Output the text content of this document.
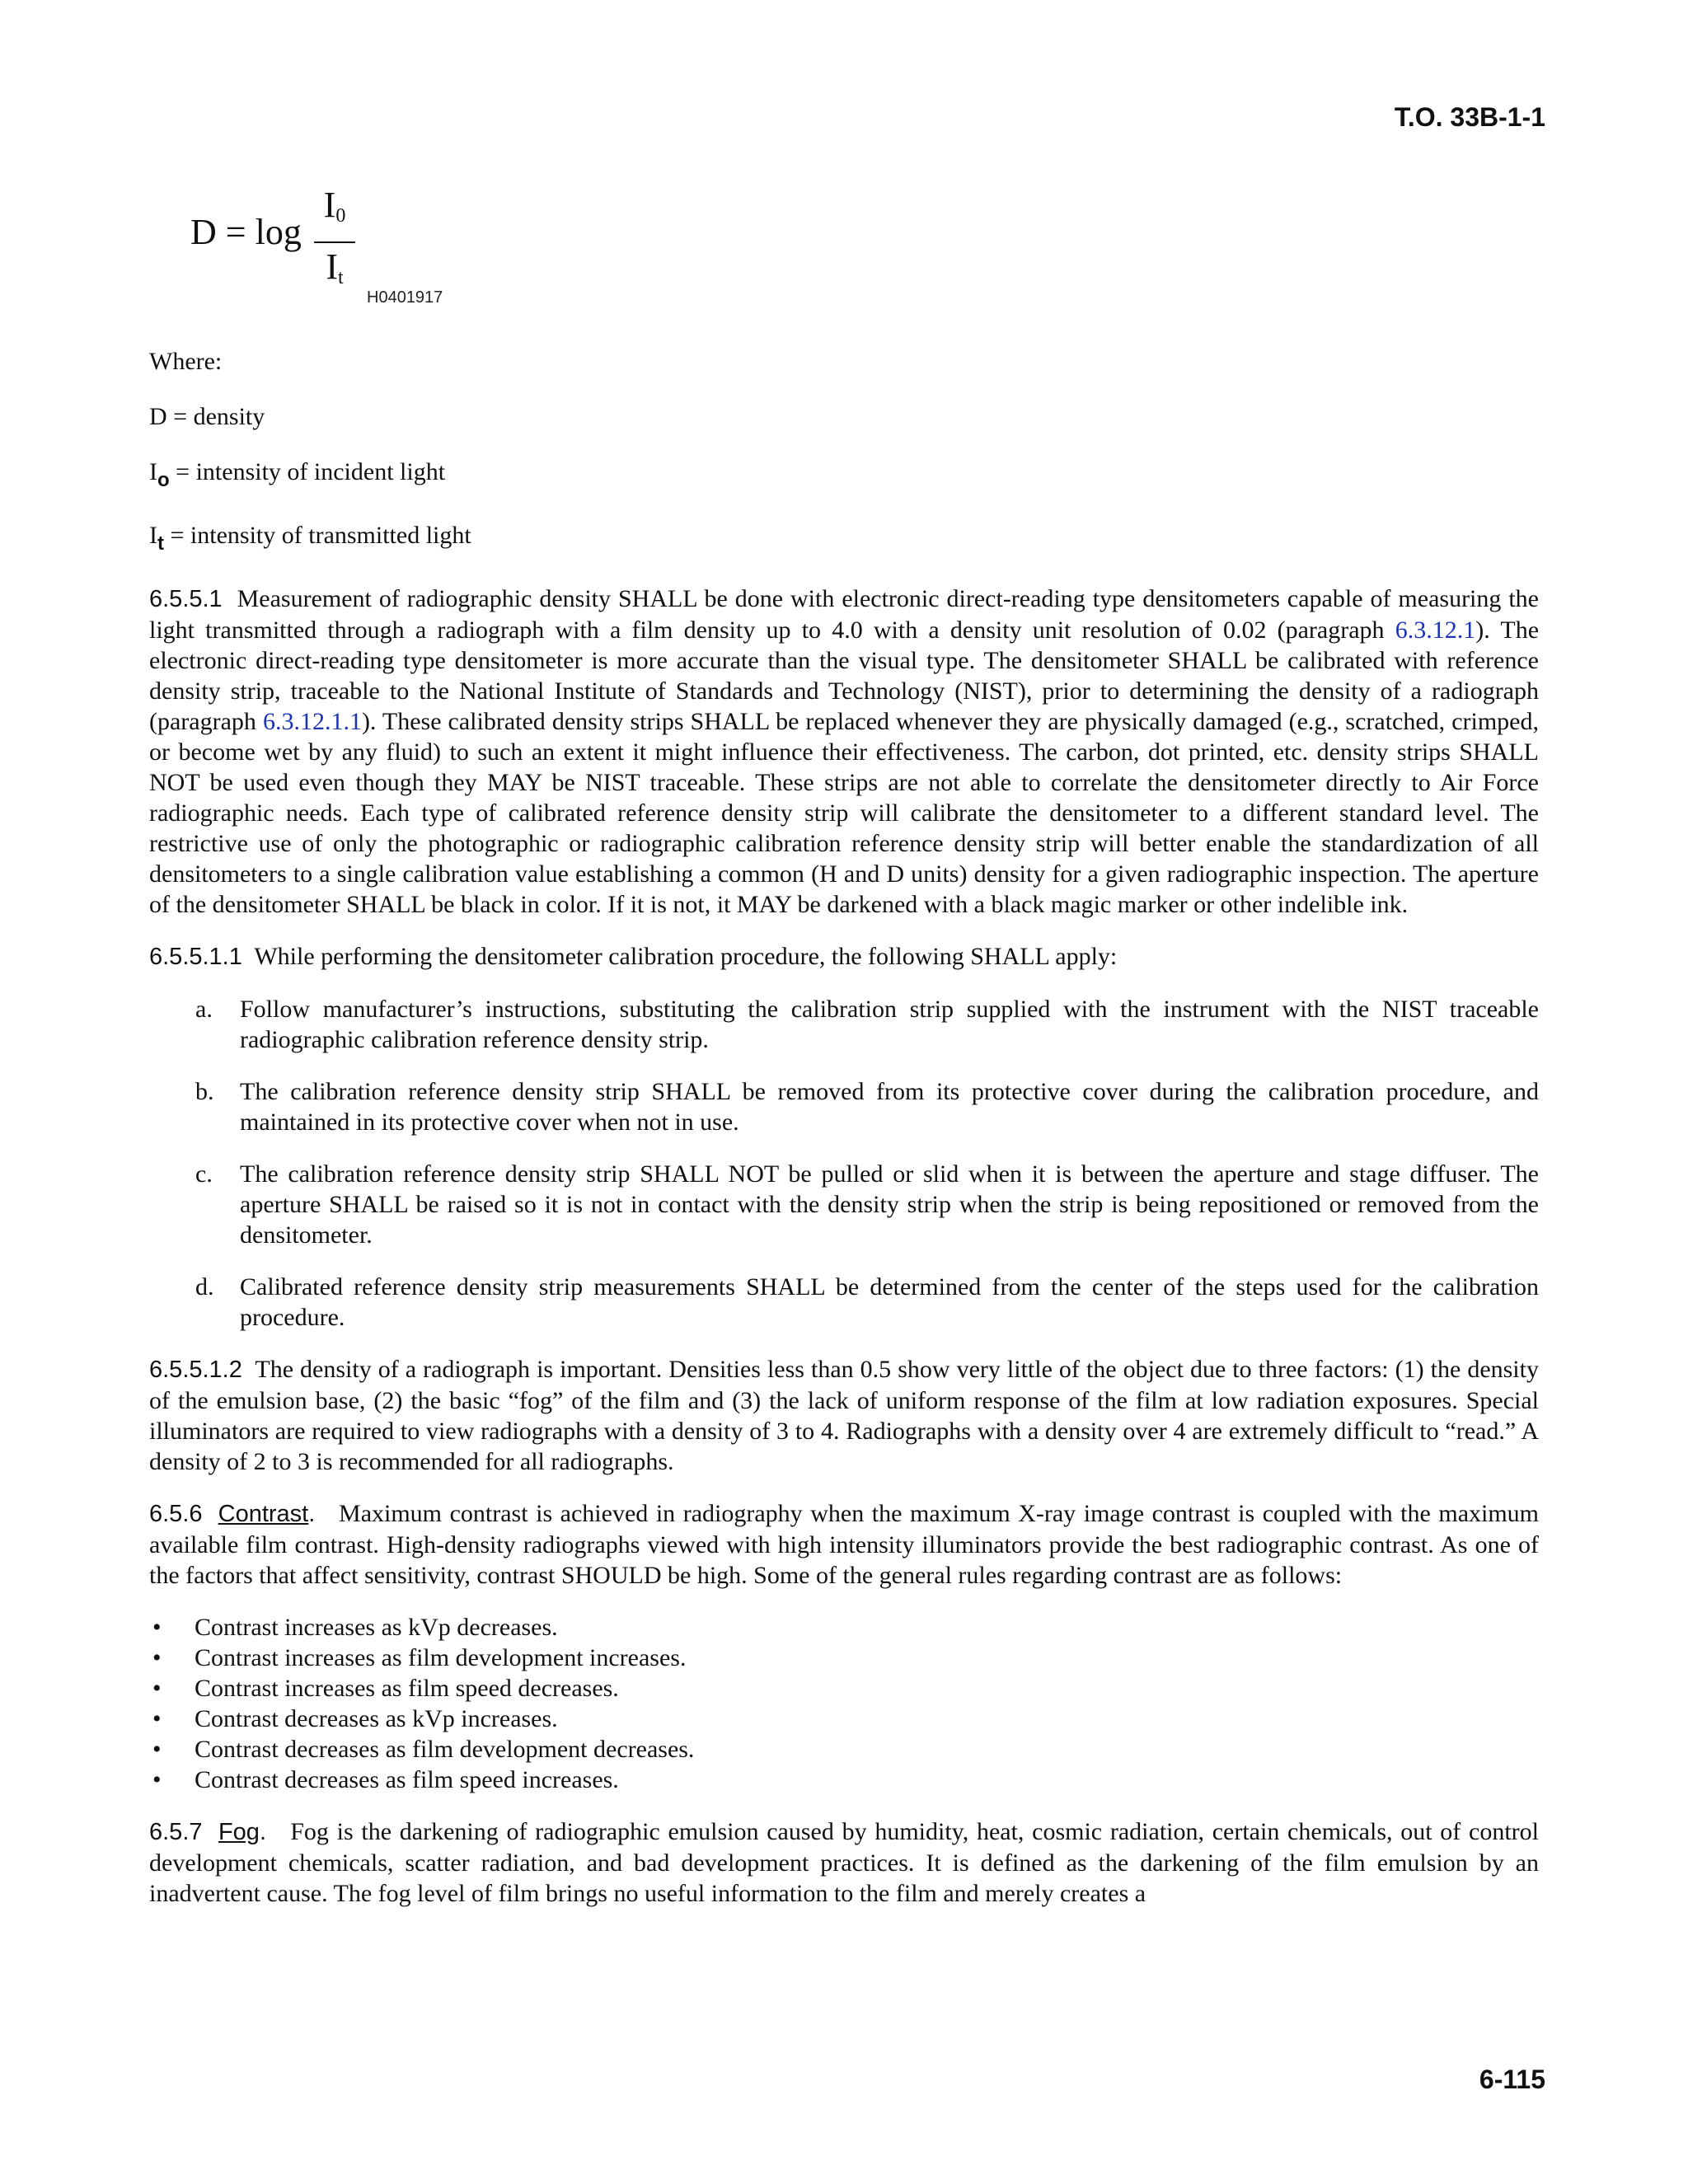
T.O. 33B-1-1
$D = \log \frac{I_0}{I_t} H0401917$

Where:

D = density

$I_o$ = intensity of incident light

$I_t$ = intensity of transmitted light

6.5.5.1 Measurement of radiographic density SHALL be done with electronic direct-reading type densitometers capable of measuring the light transmitted through a radiograph with a film density up to 4.0 with a density unit resolution of 0.02 (paragraph 6.3.12.1). The electronic direct-reading type densitometer is more accurate than the visual type. The densitometer SHALL be calibrated with reference density strip, traceable to the National Institute of Standards and Technology (NIST), prior to determining the density of a radiograph (paragraph 6.3.12.1.1). These calibrated density strips SHALL be replaced whenever they are physically damaged (e.g., scratched, crimped, or become wet by any fluid) to such an extent it might influence their effectiveness. The carbon, dot printed, etc. density strips SHALL NOT be used even though they MAY be NIST traceable. These strips are not able to correlate the densitometer directly to Air Force radiographic needs. Each type of calibrated reference density strip will calibrate the densitometer to a different standard level. The restrictive use of only the photographic or radiographic calibration reference density strip will better enable the standardization of all densitometers to a single calibration value establishing a common (H and D units) density for a given radiographic inspection. The aperture of the densitometer SHALL be black in color. If it is not, it MAY be darkened with a black magic marker or other indelible ink.

6.5.5.1.1 While performing the densitometer calibration procedure, the following SHALL apply:

a. Follow manufacturer’s instructions, substituting the calibration strip supplied with the instrument with the NIST traceable radiographic calibration reference density strip.
b. The calibration reference density strip SHALL be removed from its protective cover during the calibration procedure, and maintained in its protective cover when not in use.
c. The calibration reference density strip SHALL NOT be pulled or slid when it is between the aperture and stage diffuser. The aperture SHALL be raised so it is not in contact with the density strip when the strip is being repositioned or removed from the densitometer.
d. Calibrated reference density strip measurements SHALL be determined from the center of the steps used for the calibration procedure.

6.5.5.1.2 The density of a radiograph is important. Densities less than 0.5 show very little of the object due to three factors: (1) the density of the emulsion base, (2) the basic “fog” of the film and (3) the lack of uniform response of the film at low radiation exposures. Special illuminators are required to view radiographs with a density of 3 to 4. Radiographs with a density over 4 are extremely difficult to “read.” A density of 2 to 3 is recommended for all radiographs.

6.5.6 Contrast. Maximum contrast is achieved in radiography when the maximum X-ray image contrast is coupled with the maximum available film contrast. High-density radiographs viewed with high intensity illuminators provide the best radiographic contrast. As one of the factors that affect sensitivity, contrast SHOULD be high. Some of the general rules regarding contrast are as follows:

• Contrast increases as kVp decreases.
• Contrast increases as film development increases.
• Contrast increases as film speed decreases.
• Contrast decreases as kVp increases.
• Contrast decreases as film development decreases.
• Contrast decreases as film speed increases.

6.5.7 Fog. Fog is the darkening of radiographic emulsion caused by humidity, heat, cosmic radiation, certain chemicals, out of control development chemicals, scatter radiation, and bad development practices. It is defined as the darkening of the film emulsion by an inadvertent cause. The fog level of film brings no useful information to the film and merely creates a

6-115
